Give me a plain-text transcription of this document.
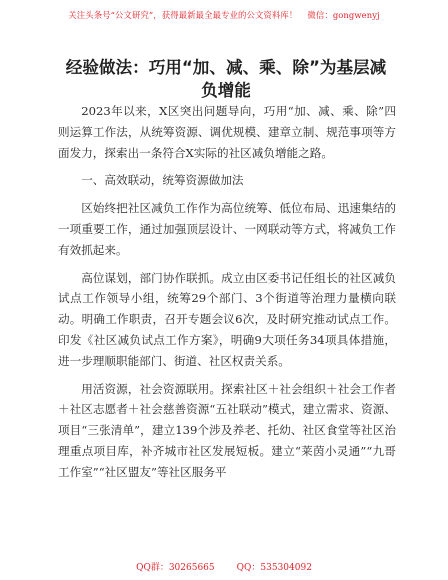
关注头条号“公文研究”，获得最新最全最专业的公文资料库！ 微信：gongwenyj
经验做法：巧用“加、减、乘、除”为基层减负增能

2023年以来，X区突出问题导向，巧用“加、减、乘、除”四则运算工作法，从统筹资源、调优规模、建章立制、规范事项等方面发力，探索出一条符合X实际的社区减负增能之路。

一、高效联动，统筹资源做加法

区始终把社区减负工作作为高位统筹、低位布局、迅速集结的一项重要工作，通过加强顶层设计、一网联动等方式，将减负工作有效抓起来。

高位谋划，部门协作联抓。成立由区委书记任组长的社区减负试点工作领导小组，统筹29个部门、3个街道等治理力量横向联动。明确工作职责，召开专题会议6次，及时研究推动试点工作。印发《社区减负试点工作方案》，明确9大项任务34项具体措施，进一步理顺职能部门、街道、社区权责关系。

用活资源，社会资源联用。探索社区＋社会组织＋社会工作者＋社区志愿者＋社会慈善资源“五社联动”模式，建立需求、资源、项目“三张清单”，建立139个涉及养老、托幼、社区食堂等社区治理重点项目库，补齐城市社区发展短板。建立“莱茵小灵通”“九哥工作室”“社区盟友”等社区服务平

QQ群：30265665 QQ：535304092
